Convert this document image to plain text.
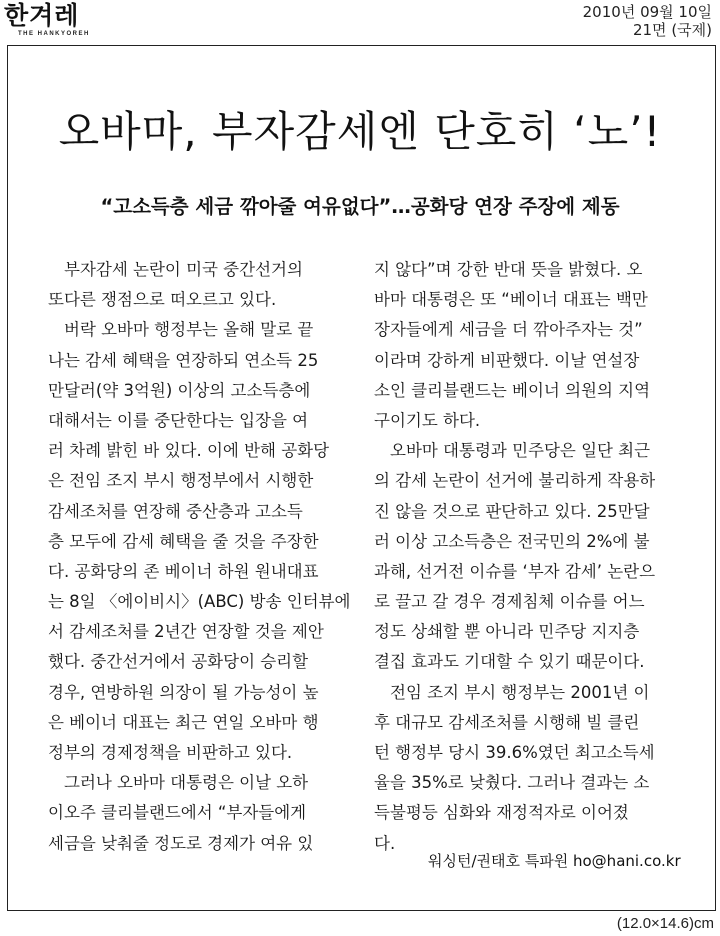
한겨레
THE HANKYOREH
2010년 09월 10일
21면 (국제)
오바마, 부자감세엔 단호히 ‘노’!
“고소득층 세금 깎아줄 여유없다”…공화당 연장 주장에 제동
부자감세 논란이 미국 중간선거의
또다른 쟁점으로 떠오르고 있다.
버락 오바마 행정부는 올해 말로 끝
나는 감세 혜택을 연장하되 연소득 25
만달러(약 3억원) 이상의 고소득층에
대해서는 이를 중단한다는 입장을 여
러 차례 밝힌 바 있다. 이에 반해 공화당
은 전임 조지 부시 행정부에서 시행한
감세조처를 연장해 중산층과 고소득
층 모두에 감세 혜택을 줄 것을 주장한
다. 공화당의 존 베이너 하원 원내대표
는 8일 〈에이비시〉(ABC) 방송 인터뷰에
서 감세조처를 2년간 연장할 것을 제안
했다. 중간선거에서 공화당이 승리할
경우, 연방하원 의장이 될 가능성이 높
은 베이너 대표는 최근 연일 오바마 행
정부의 경제정책을 비판하고 있다.
그러나 오바마 대통령은 이날 오하
이오주 클리블랜드에서 “부자들에게
세금을 낮춰줄 정도로 경제가 여유 있
지 않다”며 강한 반대 뜻을 밝혔다. 오
바마 대통령은 또 “베이너 대표는 백만
장자들에게 세금을 더 깎아주자는 것”
이라며 강하게 비판했다. 이날 연설장
소인 클리블랜드는 베이너 의원의 지역
구이기도 하다.
오바마 대통령과 민주당은 일단 최근
의 감세 논란이 선거에 불리하게 작용하
진 않을 것으로 판단하고 있다. 25만달
러 이상 고소득층은 전국민의 2%에 불
과해, 선거전 이슈를 ‘부자 감세’ 논란으
로 끌고 갈 경우 경제침체 이슈를 어느
정도 상쇄할 뿐 아니라 민주당 지지층
결집 효과도 기대할 수 있기 때문이다.
전임 조지 부시 행정부는 2001년 이
후 대규모 감세조처를 시행해 빌 클린
턴 행정부 당시 39.6%였던 최고소득세
율을 35%로 낮췄다. 그러나 결과는 소
득불평등 심화와 재정적자로 이어졌
다.
워싱턴/권태호 특파원 ho@hani.co.kr
(12.0×14.6)cm
